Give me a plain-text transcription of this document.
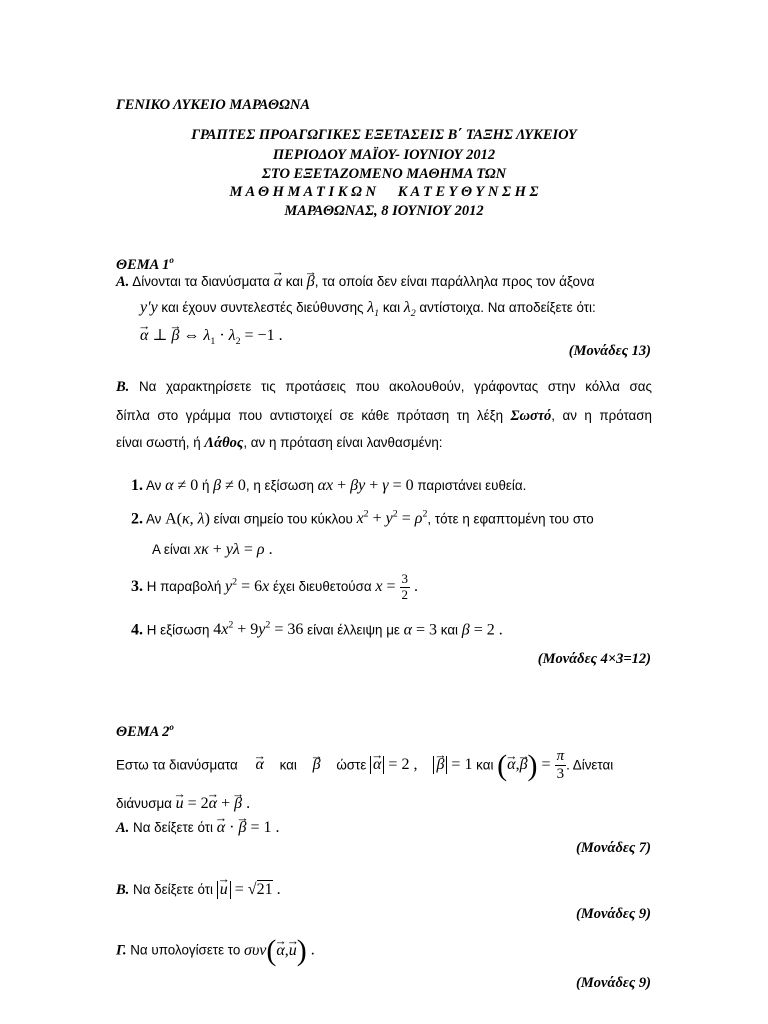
ΓΕΝΙΚΟ ΛΥΚΕΙΟ ΜΑΡΑΘΩΝΑ
ΓΡΑΠΤΕΣ ΠΡΟΑΓΩΓΙΚΕΣ ΕΞΕΤΑΣΕΙΣ Β΄ ΤΑΞΗΣ ΛΥΚΕΙΟΥ
ΠΕΡΙΟΔΟΥ ΜΑΪΟΥ- ΙΟΥΝΙΟΥ 2012
ΣΤΟ ΕΞΕΤΑΖΟΜΕΝΟ ΜΑΘΗΜΑ ΤΩΝ
Μ Α Θ Η Μ Α Τ Ι Κ Ω Ν      Κ Α Τ Ε Υ Θ Υ Ν Σ Η Σ
ΜΑΡΑΘΩΝΑΣ, 8 ΙΟΥΝΙΟΥ 2012
ΘΕΜΑ $1^o$
Α. Δίνονται τα διανύσματα → α και → β, τα οποία δεν είναι παράλληλα προς τον άξονα
y′y και έχουν συντελεστές διεύθυνσης $\lambda_1$ και $\lambda_2$ αντίστοιχα. Να αποδείξετε ότι:
→ α ⊥ → β ⇔ $\lambda_1 \cdot \lambda_2 = -1$ .
(Μονάδες 13)
Β. Να χαρακτηρίσετε τις προτάσεις που ακολουθούν, γράφοντας στην κόλλα σας
δίπλα στο γράμμα που αντιστοιχεί σε κάθε πρόταση τη λέξη Σωστό, αν η πρόταση
είναι σωστή, ή Λάθος, αν η πρόταση είναι λανθασμένη:
1. Αν α ≠ 0 ή β ≠ 0, η εξίσωση αx + βy + γ = 0 παριστάνει ευθεία.
2. Αν Α(κ, λ) είναι σημείο του κύκλου $x^2 + y^2 = \rho^2$, τότε η εφαπτομένη του στο
Α είναι xκ + yλ = ρ .
3. Η παραβολή $y^2 = 6x$ έχει διευθετούσα $x = \frac{3}{2}$ .
4. Η εξίσωση $4x^2 + 9y^2 = 36$ είναι έλλειψη με α = 3 και β = 2 .
(Μονάδες 4×3=12)
ΘΕΜΑ $2^o$
Εστω τα διανύσματα → α και → β ώστε → α = 2 ,→ β = 1 και (→ $\alpha,\to \beta) = \frac{\pi}{3}$ . Δίνεται
διάνυσμα → u = 2→ α + → β .
Α. Να δείξετε ότι → α · → β = 1 .
(Μονάδες 7)
Β. Να δείξετε ότι → u = √21 .
(Μονάδες 9)
Γ. Να υπολογίσετε το συν(→ α,→ u) .
(Μονάδες 9)
